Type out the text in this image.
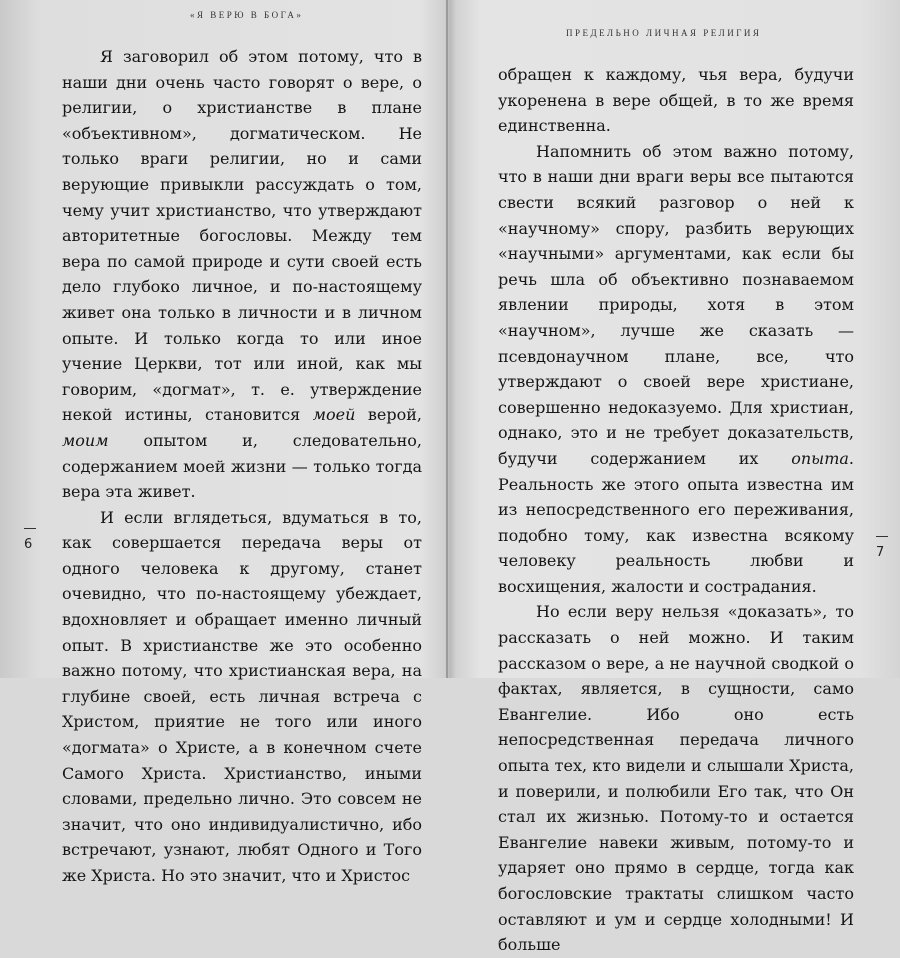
«Я ВЕРЮ В БОГА»

Я заговорил об этом потому, что в наши дни очень часто говорят о вере, о религии, о христианстве в плане «объективном», догматическом. Не только враги религии, но и сами верующие привыкли рассуждать о том, чему учит христианство, что утверждают авторитетные богословы. Между тем вера по самой природе и сути своей есть дело глубоко личное, и по-настоящему живет она только в личности и в личном опыте. И только когда то или иное учение Церкви, тот или иной, как мы говорим, «догмат», т. е. утверждение некой истины, становится моей верой, моим опытом и, следовательно, содержанием моей жизни — только тогда вера эта живет.

И если вглядеться, вдуматься в то, как совершается передача веры от одного человека к другому, станет очевидно, что по-настоящему убеждает, вдохновляет и обращает именно личный опыт. В христианстве же это особенно важно потому, что христианская вера, на глубине своей, есть личная встреча с Христом, приятие не того или иного «догмата» о Христе, а в конечном счете Самого Христа. Христианство, иными словами, предельно лично. Это совсем не значит, что оно индивидуалистично, ибо встречают, узнают, любят Одного и Того же Христа. Но это значит, что и Христос

6
ПРЕДЕЛЬНО ЛИЧНАЯ РЕЛИГИЯ

обращен к каждому, чья вера, будучи укоренена в вере общей, в то же время единственна.

Напомнить об этом важно потому, что в наши дни враги веры все пытаются свести всякий разговор о ней к «научному» спору, разбить верующих «научными» аргументами, как если бы речь шла об объективно познаваемом явлении природы, хотя в этом «научном», лучше же сказать — псевдонаучном плане, все, что утверждают о своей вере христиане, совершенно недоказуемо. Для христиан, однако, это и не требует доказательств, будучи содержанием их опыта. Реальность же этого опыта известна им из непосредственного его переживания, подобно тому, как известна всякому человеку реальность любви и восхищения, жалости и сострадания.

Но если веру нельзя «доказать», то рассказать о ней можно. И таким рассказом о вере, а не научной сводкой о фактах, является, в сущности, само Евангелие. Ибо оно есть непосредственная передача личного опыта тех, кто видели и слышали Христа, и поверили, и полюбили Его так, что Он стал их жизнью. Потому-то и остается Евангелие навеки живым, потому-то и ударяет оно прямо в сердце, тогда как богословские трактаты слишком часто оставляют и ум и сердце холодными! И больше

7
